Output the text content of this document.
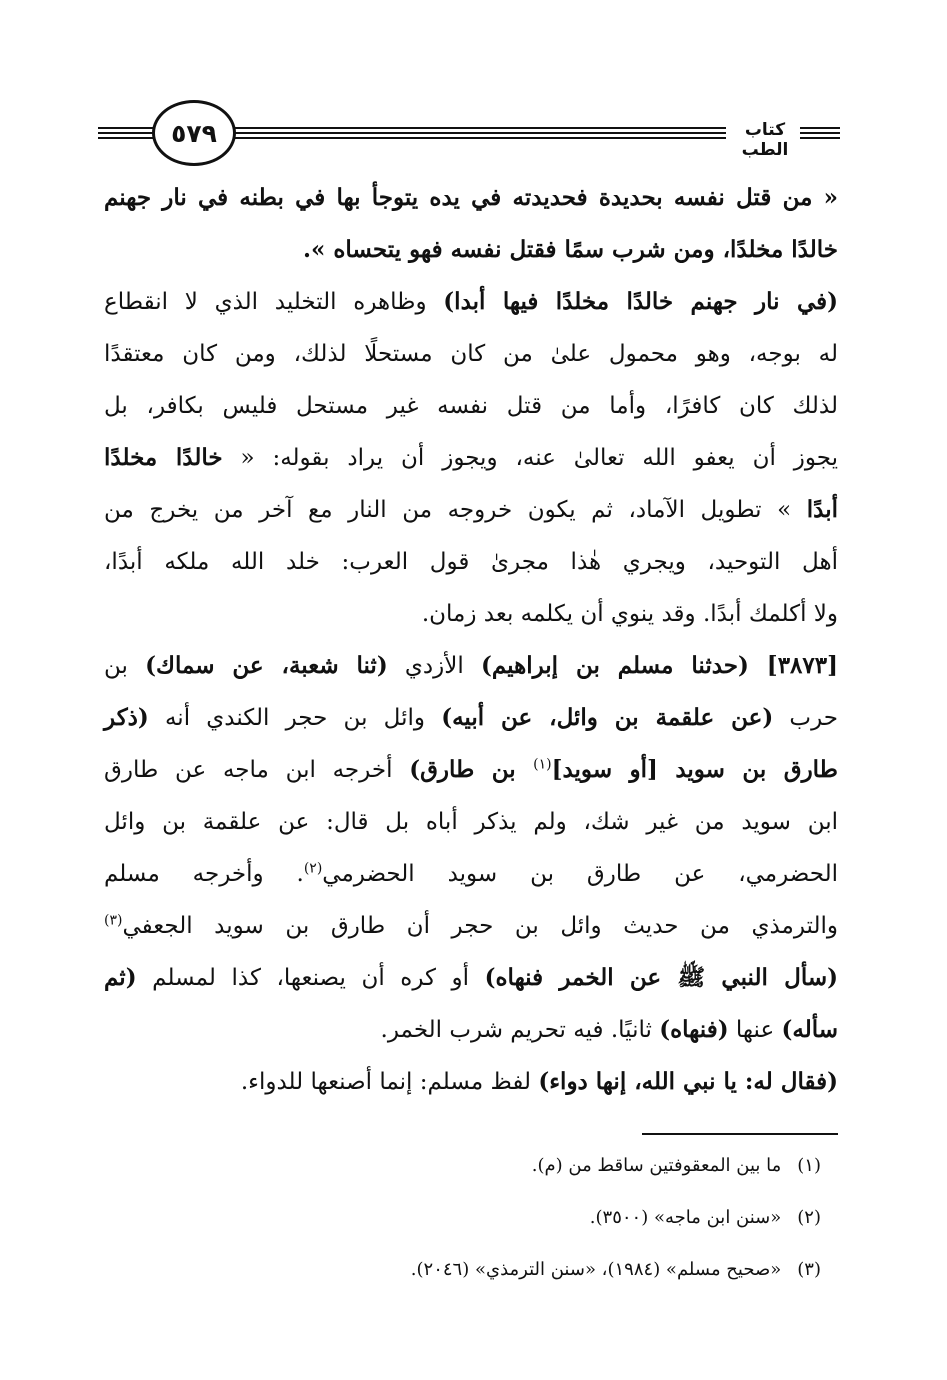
٥٧٩	كتاب الطب
« من قتل نفسه بحديدة فحديدته في يده يتوجأ بها في بطنه في نار جهنم
خالدًا مخلدًا، ومن شرب سمًا فقتل نفسه فهو يتحساه ».
(في نار جهنم خالدًا مخلدًا فيها أبدا) وظاهره التخليد الذي لا انقطاع
له بوجه، وهو محمول علىٰ من كان مستحلًا لذلك، ومن كان معتقدًا
لذلك كان كافرًا، وأما من قتل نفسه غير مستحل فليس بكافر، بل
يجوز أن يعفو الله تعالىٰ عنه، ويجوز أن يراد بقوله: « خالدًا مخلدًا
أبدًا » تطويل الآماد، ثم يكون خروجه من النار مع آخر من يخرج من
أهل التوحيد، ويجري هٰذا مجرىٰ قول العرب: خلد الله ملكه أبدًا،
ولا أكلمك أبدًا. وقد ينوي أن يكلمه بعد زمان.
[٣٨٧٣] (حدثنا مسلم بن إبراهيم) الأزدي (ثنا شعبة، عن سماك) بن
حرب (عن علقمة بن وائل، عن أبيه) وائل بن حجر الكندي أنه (ذكر
طارق بن سويد [أو سويد]$^{(١)}$ بن طارق) أخرجه ابن ماجه عن طارق
ابن سويد من غير شك، ولم يذكر أباه بل قال: عن علقمة بن وائل
الحضرمي، عن طارق بن سويد الحضرمي$^{(٢)}$. وأخرجه مسلم
والترمذي من حديث وائل بن حجر أن طارق بن سويد الجعفي$^{(٣)}$
(سأل النبي ﷺ عن الخمر فنهاه) أو كره أن يصنعها، كذا لمسلم (ثم
سأله) عنها (فنهاه) ثانيًا. فيه تحريم شرب الخمر.
(فقال له: يا نبي الله، إنها دواء) لفظ مسلم: إنما أصنعها للدواء.
(١) ما بين المعقوفتين ساقط من (م).
(٢) «سنن ابن ماجه» (٣٥٠٠).
(٣) «صحيح مسلم» (١٩٨٤)، «سنن الترمذي» (٢٠٤٦).
